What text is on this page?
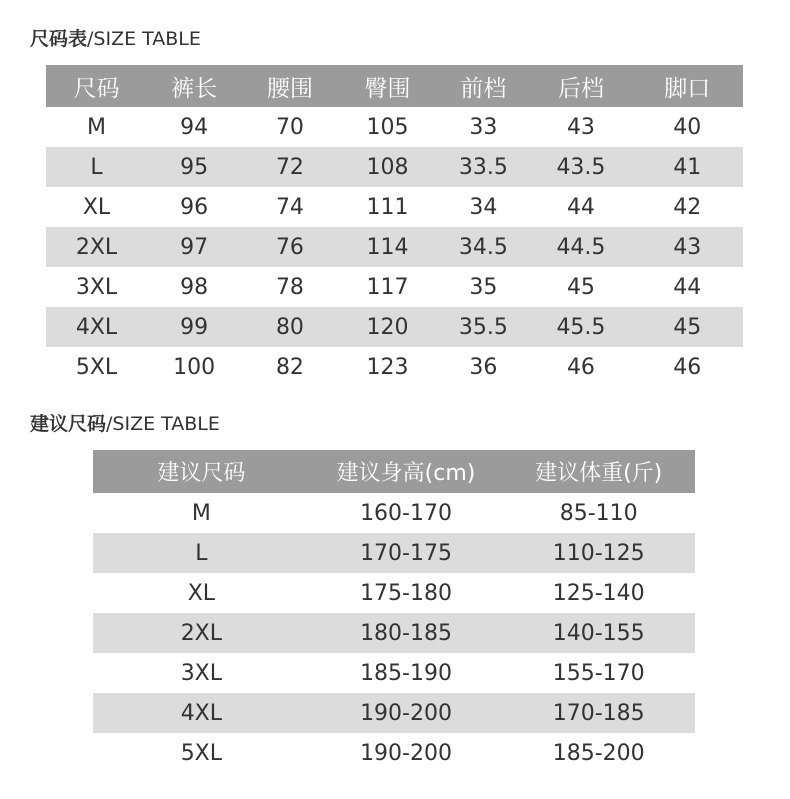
尺码表/SIZE TABLE
尺码	裤长	腰围	臀围	前档	后档	脚口
M	94	70	105	33	43	40
L	95	72	108	33.5	43.5	41
XL	96	74	111	34	44	42
2XL	97	76	114	34.5	44.5	43
3XL	98	78	117	35	45	44
4XL	99	80	120	35.5	45.5	45
5XL	100	82	123	36	46	46
建议尺码/SIZE TABLE
建议尺码	建议身高(cm)	建议体重(斤)
M	160-170	85-110
L	170-175	110-125
XL	175-180	125-140
2XL	180-185	140-155
3XL	185-190	155-170
4XL	190-200	170-185
5XL	190-200	185-200
